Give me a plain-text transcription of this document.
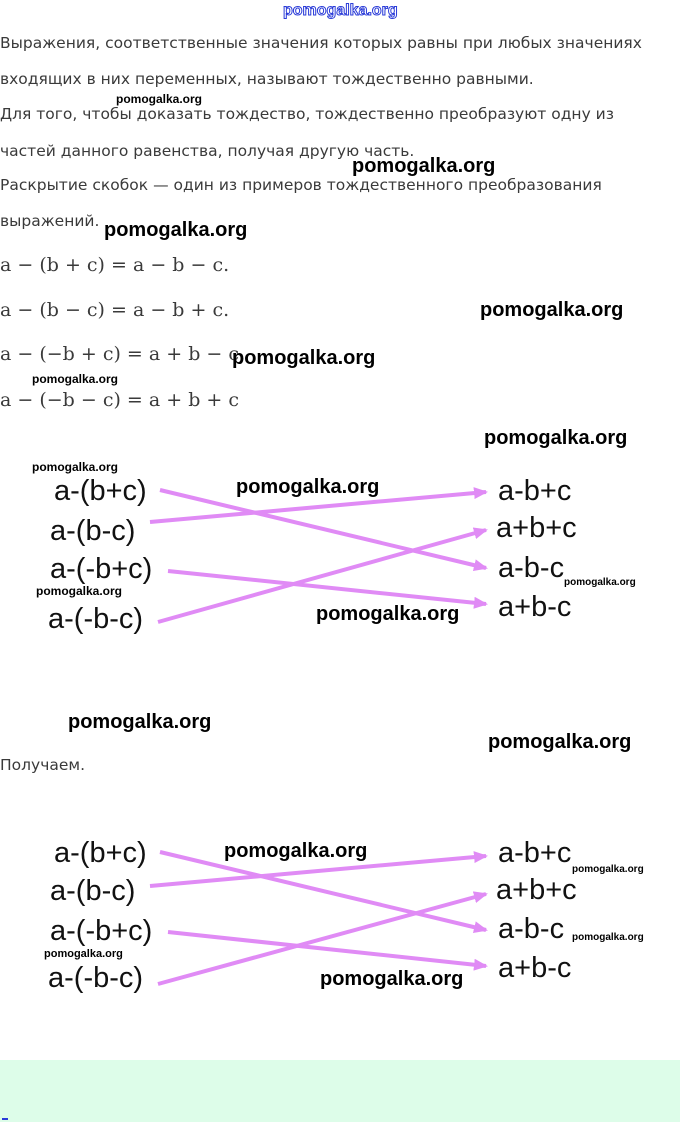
pomogalka.org
Выражения, соответственные значения которых равны при любых значениях
входящих в них переменных, называют тождественно равными.
Для того, чтобы доказать тождество, тождественно преобразуют одну из
частей данного равенства, получая другую часть.
Раскрытие скобок — один из примеров тождественного преобразования
выражений.
a − (b + c) = a − b − c.
a − (b − c) = a − b + c.
a − (−b + c) = a + b − c.
a − (−b − c) = a + b + c
a-(b+c)
a-(b-c)
a-(-b+c)
a-(-b-c)
a-b+c
a+b+c
a-b-c
a+b-c
Получаем.
a-(b+c)
a-(b-c)
a-(-b+c)
a-(-b-c)
a-b+c
a+b+c
a-b-c
a+b-c
pomogalka.org
pomogalka.org
pomogalka.org
pomogalka.org
pomogalka.org
pomogalka.org
pomogalka.org
pomogalka.org
pomogalka.org
pomogalka.org
pomogalka.org
pomogalka.org
pomogalka.org
pomogalka.org
pomogalka.org
pomogalka.org
pomogalka.org
pomogalka.org
pomogalka.org
